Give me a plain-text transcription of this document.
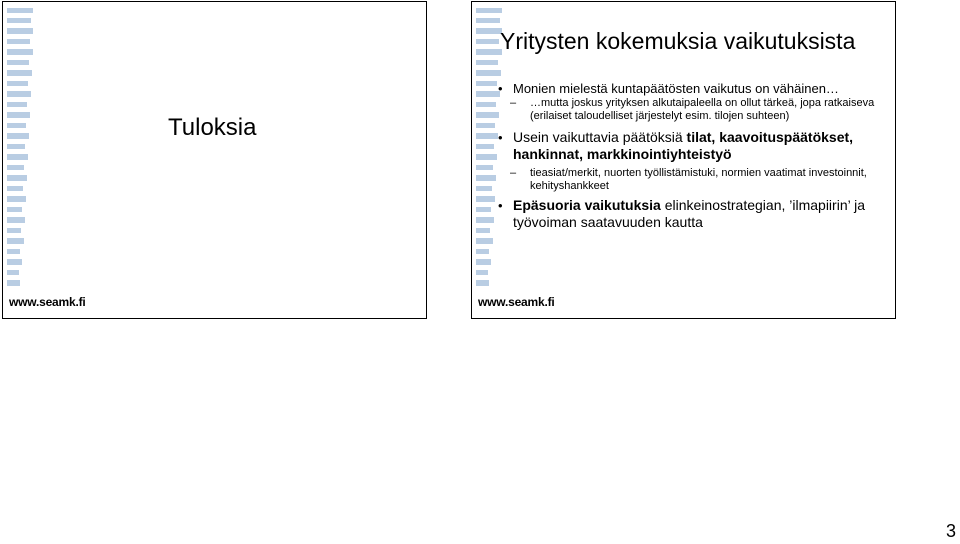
Tuloksia
www.seamk.fi
Yritysten kokemuksia vaikutuksista
• Monien mielestä kuntapäätösten vaikutus on vähäinen…
– …mutta joskus yrityksen alkutaipaleella on ollut tärkeä, jopa ratkaiseva (erilaiset taloudelliset järjestelyt esim. tilojen suhteen)
• Usein vaikuttavia päätöksiä tilat, kaavoituspäätökset, hankinnat, markkinointiyhteistyö
– tieasiat/merkit, nuorten työllistämistuki, normien vaatimat investoinnit, kehityshankkeet
• Epäsuoria vaikutuksia elinkeinostrategian, ’ilmapiirin’ ja työvoiman saatavuuden kautta
www.seamk.fi
3
